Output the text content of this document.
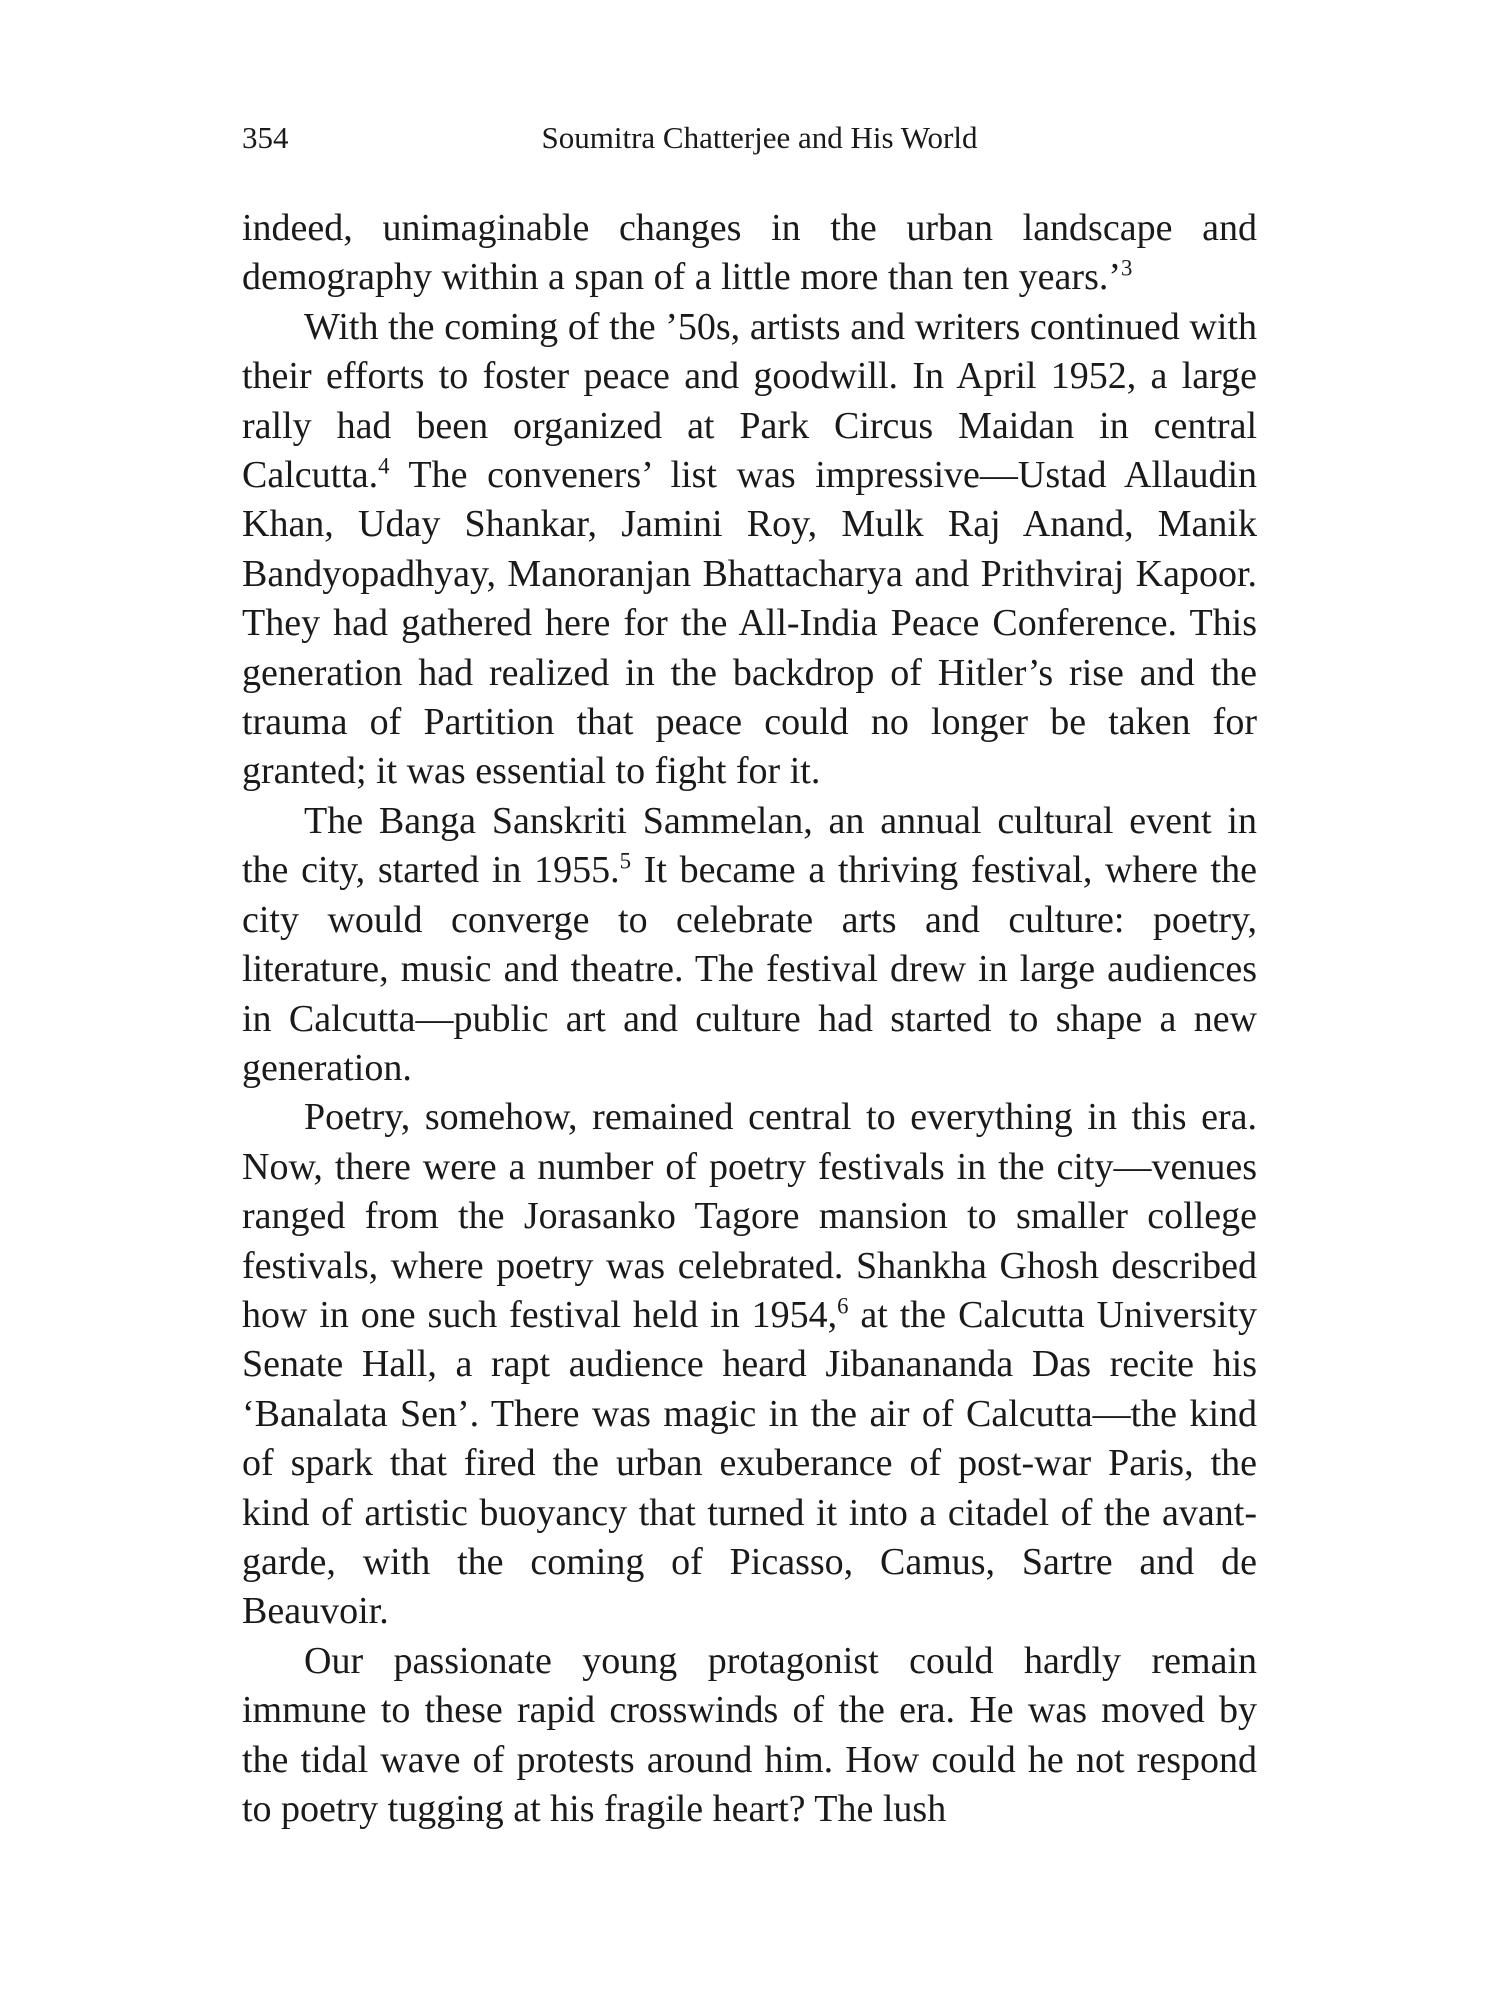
354	Soumitra Chatterjee and His World

indeed, unimaginable changes in the urban landscape and demography within a span of a little more than ten years.’$^3$

With the coming of the ’50s, artists and writers continued with their efforts to foster peace and goodwill. In April 1952, a large rally had been organized at Park Circus Maidan in central Calcutta.$^4$ The conveners’ list was impressive—Ustad Allaudin Khan, Uday Shankar, Jamini Roy, Mulk Raj Anand, Manik Bandyopadhyay, Manoranjan Bhattacharya and Prithviraj Kapoor. They had gathered here for the All-India Peace Conference. This generation had realized in the backdrop of Hitler’s rise and the trauma of Partition that peace could no longer be taken for granted; it was essential to fight for it.

The Banga Sanskriti Sammelan, an annual cultural event in the city, started in 1955.$^5$ It became a thriving festival, where the city would converge to celebrate arts and culture: poetry, literature, music and theatre. The festival drew in large audiences in Calcutta—public art and culture had started to shape a new generation.

Poetry, somehow, remained central to everything in this era. Now, there were a number of poetry festivals in the city—venues ranged from the Jorasanko Tagore mansion to smaller college festivals, where poetry was celebrated. Shankha Ghosh described how in one such festival held in 1954,$^6$ at the Calcutta University Senate Hall, a rapt audience heard Jibanananda Das recite his ‘Banalata Sen’. There was magic in the air of Calcutta—the kind of spark that fired the urban exuberance of post-war Paris, the kind of artistic buoyancy that turned it into a citadel of the avant-garde, with the coming of Picasso, Camus, Sartre and de Beauvoir.

Our passionate young protagonist could hardly remain immune to these rapid crosswinds of the era. He was moved by the tidal wave of protests around him. How could he not respond to poetry tugging at his fragile heart? The lush
